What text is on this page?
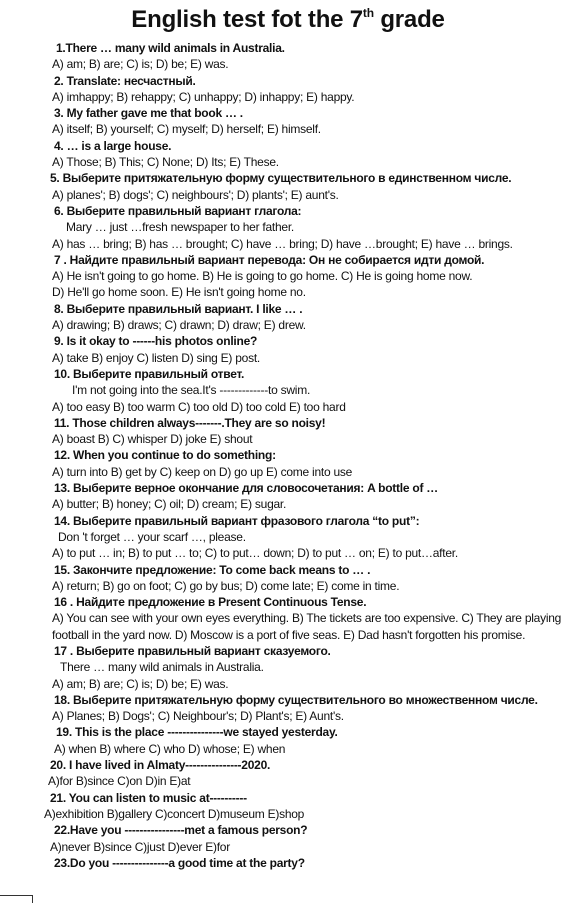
English test fot the 7th grade
1.There … many wild animals in Australia.
A) am; B) are; C) is; D) be; E) was.
2. Translate: несчастный.
A) imhappy; B) rehappy; C) unhappy; D) inhappy; E) happy.
3. My father gave me that book … .
A) itself; B) yourself; C) myself; D) herself; E) himself.
4. … is a large house.
A) Those; B) This; C) None; D) Its; E) These.
5. Выберите притяжательную форму существительного в единственном числе.
A) planes'; B) dogs'; C) neighbours'; D) plants'; E) aunt's.
6. Выберите правильный вариант глагола:
Mary … just …fresh newspaper to her father.
A) has … bring; B) has … brought; C) have … bring; D) have …brought; E) have … brings.
7 . Найдите правильный вариант перевода: Он не собирается идти домой.
A) He isn't going to go home. B) He is going to go home. C) He is going home now.
D) He'll go home soon. E) He isn't going home no.
8. Выберите правильный вариант. I like … .
A) drawing; B) draws; C) drawn; D) draw; E) drew.
9. Is it okay to ------his photos online?
A) take B) enjoy C) listen D) sing E) post.
10. Выберите правильный ответ.
I'm not going into the sea.It's -------------to swim.
A) too easy B) too warm C) too old D) too cold E) too hard
11. Those children always-------.They are so noisy!
A) boast B) C) whisper D) joke E) shout
12. When you continue to do something:
A) turn into B) get by C) keep on D) go up E) come into use
13. Выберите верное окончание для словосочетания: A bottle of …
A) butter; B) honey; C) oil; D) cream; E) sugar.
14. Выберите правильный вариант фразового глагола “to put”:
Don 't forget … your scarf …, please.
A) to put … in; B) to put … to; C) to put… down; D) to put … on; E) to put…after.
15. Закончите предложение: To come back means to … .
A) return; B) go on foot; C) go by bus; D) come late; E) come in time.
16 . Найдите предложение в Present Continuous Tense.
A) You can see with your own eyes everything. B) The tickets are too expensive. C) They are playing football in the yard now. D) Moscow is a port of five seas. E) Dad hasn't forgotten his promise.
17 . Выберите правильный вариант сказуемого.
There … many wild animals in Australia.
A) am; B) are; C) is; D) be; E) was.
18. Выберите притяжательную форму существительного во множественном числе.
A) Planes; B) Dogs'; C) Neighbour's; D) Plant's; E) Aunt's.
19. This is the place ---------------we stayed yesterday.
A) when B) where C) who D) whose; E) when
20. I have lived in Almaty---------------2020.
A)for B)since C)on D)in E)at
21. You can listen to music at----------
A)exhibition B)gallery C)concert D)museum E)shop
22.Have you ----------------met a famous person?
A)never B)since C)just D)ever E)for
23.Do you ---------------a good time at the party?
